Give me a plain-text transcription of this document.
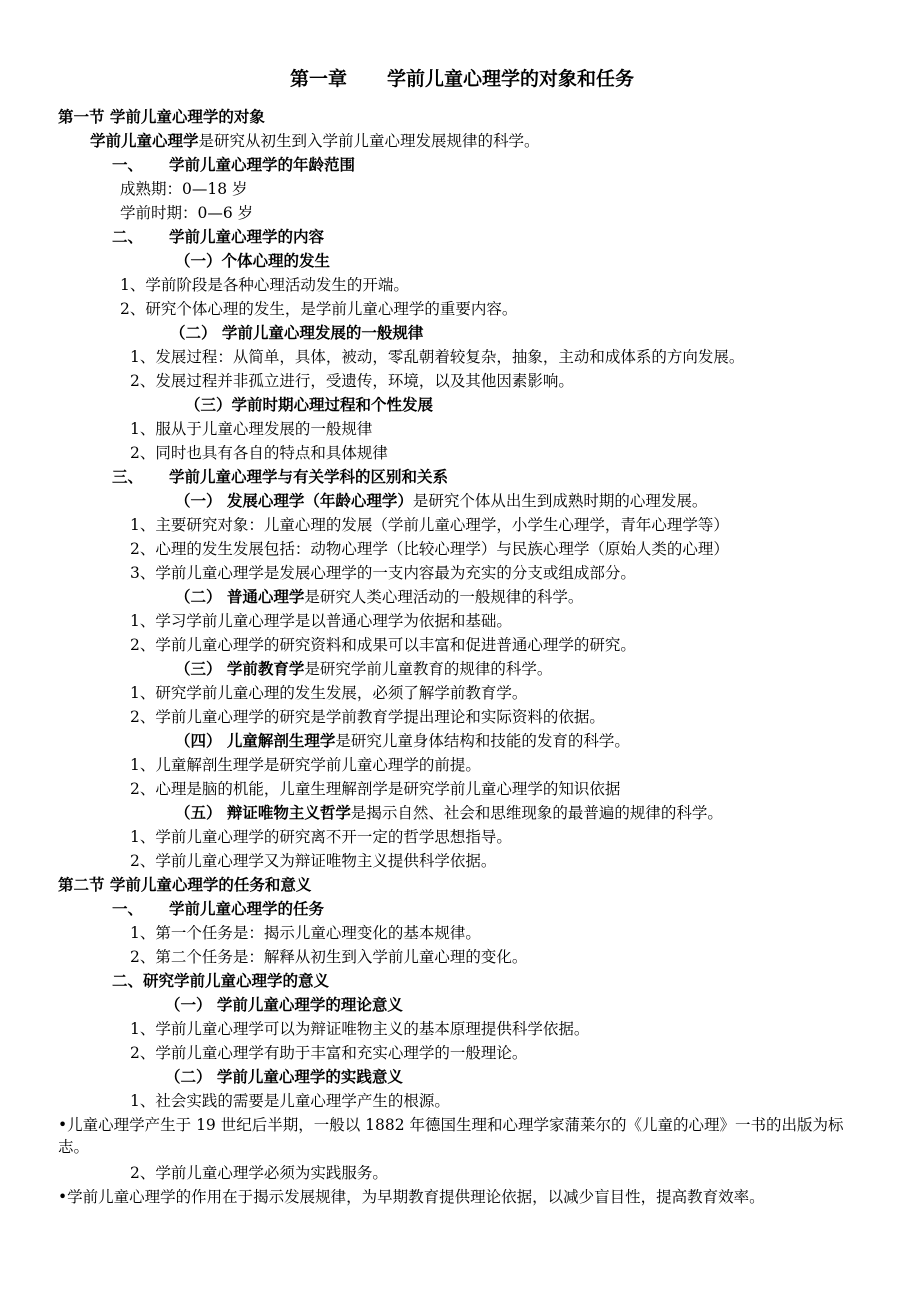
第一章 学前儿童心理学的对象和任务
第一节 学前儿童心理学的对象
学前儿童心理学是研究从初生到入学前儿童心理发展规律的科学。
一、 学前儿童心理学的年龄范围
成熟期：0—18 岁
学前时期：0—6 岁
二、 学前儿童心理学的内容
（一）个体心理的发生
1、学前阶段是各种心理活动发生的开端。
2、研究个体心理的发生，是学前儿童心理学的重要内容。
（二） 学前儿童心理发展的一般规律
1、发展过程：从简单，具体，被动，零乱朝着较复杂，抽象，主动和成体系的方向发展。
2、发展过程并非孤立进行，受遗传，环境，以及其他因素影响。
（三）学前时期心理过程和个性发展
1、服从于儿童心理发展的一般规律
2、同时也具有各自的特点和具体规律
三、 学前儿童心理学与有关学科的区别和关系
（一） 发展心理学（年龄心理学）是研究个体从出生到成熟时期的心理发展。
1、主要研究对象：儿童心理的发展（学前儿童心理学，小学生心理学，青年心理学等）
2、心理的发生发展包括：动物心理学（比较心理学）与民族心理学（原始人类的心理）
3、学前儿童心理学是发展心理学的一支内容最为充实的分支或组成部分。
（二） 普通心理学是研究人类心理活动的一般规律的科学。
1、学习学前儿童心理学是以普通心理学为依据和基础。
2、学前儿童心理学的研究资料和成果可以丰富和促进普通心理学的研究。
（三） 学前教育学是研究学前儿童教育的规律的科学。
1、研究学前儿童心理的发生发展，必须了解学前教育学。
2、学前儿童心理学的研究是学前教育学提出理论和实际资料的依据。
（四） 儿童解剖生理学是研究儿童身体结构和技能的发育的科学。
1、儿童解剖生理学是研究学前儿童心理学的前提。
2、心理是脑的机能，儿童生理解剖学是研究学前儿童心理学的知识依据
（五） 辩证唯物主义哲学是揭示自然、社会和思维现象的最普遍的规律的科学。
1、学前儿童心理学的研究离不开一定的哲学思想指导。
2、学前儿童心理学又为辩证唯物主义提供科学依据。
第二节 学前儿童心理学的任务和意义
一、 学前儿童心理学的任务
1、第一个任务是：揭示儿童心理变化的基本规律。
2、第二个任务是：解释从初生到入学前儿童心理的变化。
二、研究学前儿童心理学的意义
（一） 学前儿童心理学的理论意义
1、学前儿童心理学可以为辩证唯物主义的基本原理提供科学依据。
2、学前儿童心理学有助于丰富和充实心理学的一般理论。
（二） 学前儿童心理学的实践意义
1、社会实践的需要是儿童心理学产生的根源。
•儿童心理学产生于 19 世纪后半期，一般以 1882 年德国生理和心理学家蒲莱尔的《儿童的心理》一书的出版为标志。
2、学前儿童心理学必须为实践服务。
•学前儿童心理学的作用在于揭示发展规律，为早期教育提供理论依据，以减少盲目性，提高教育效率。
